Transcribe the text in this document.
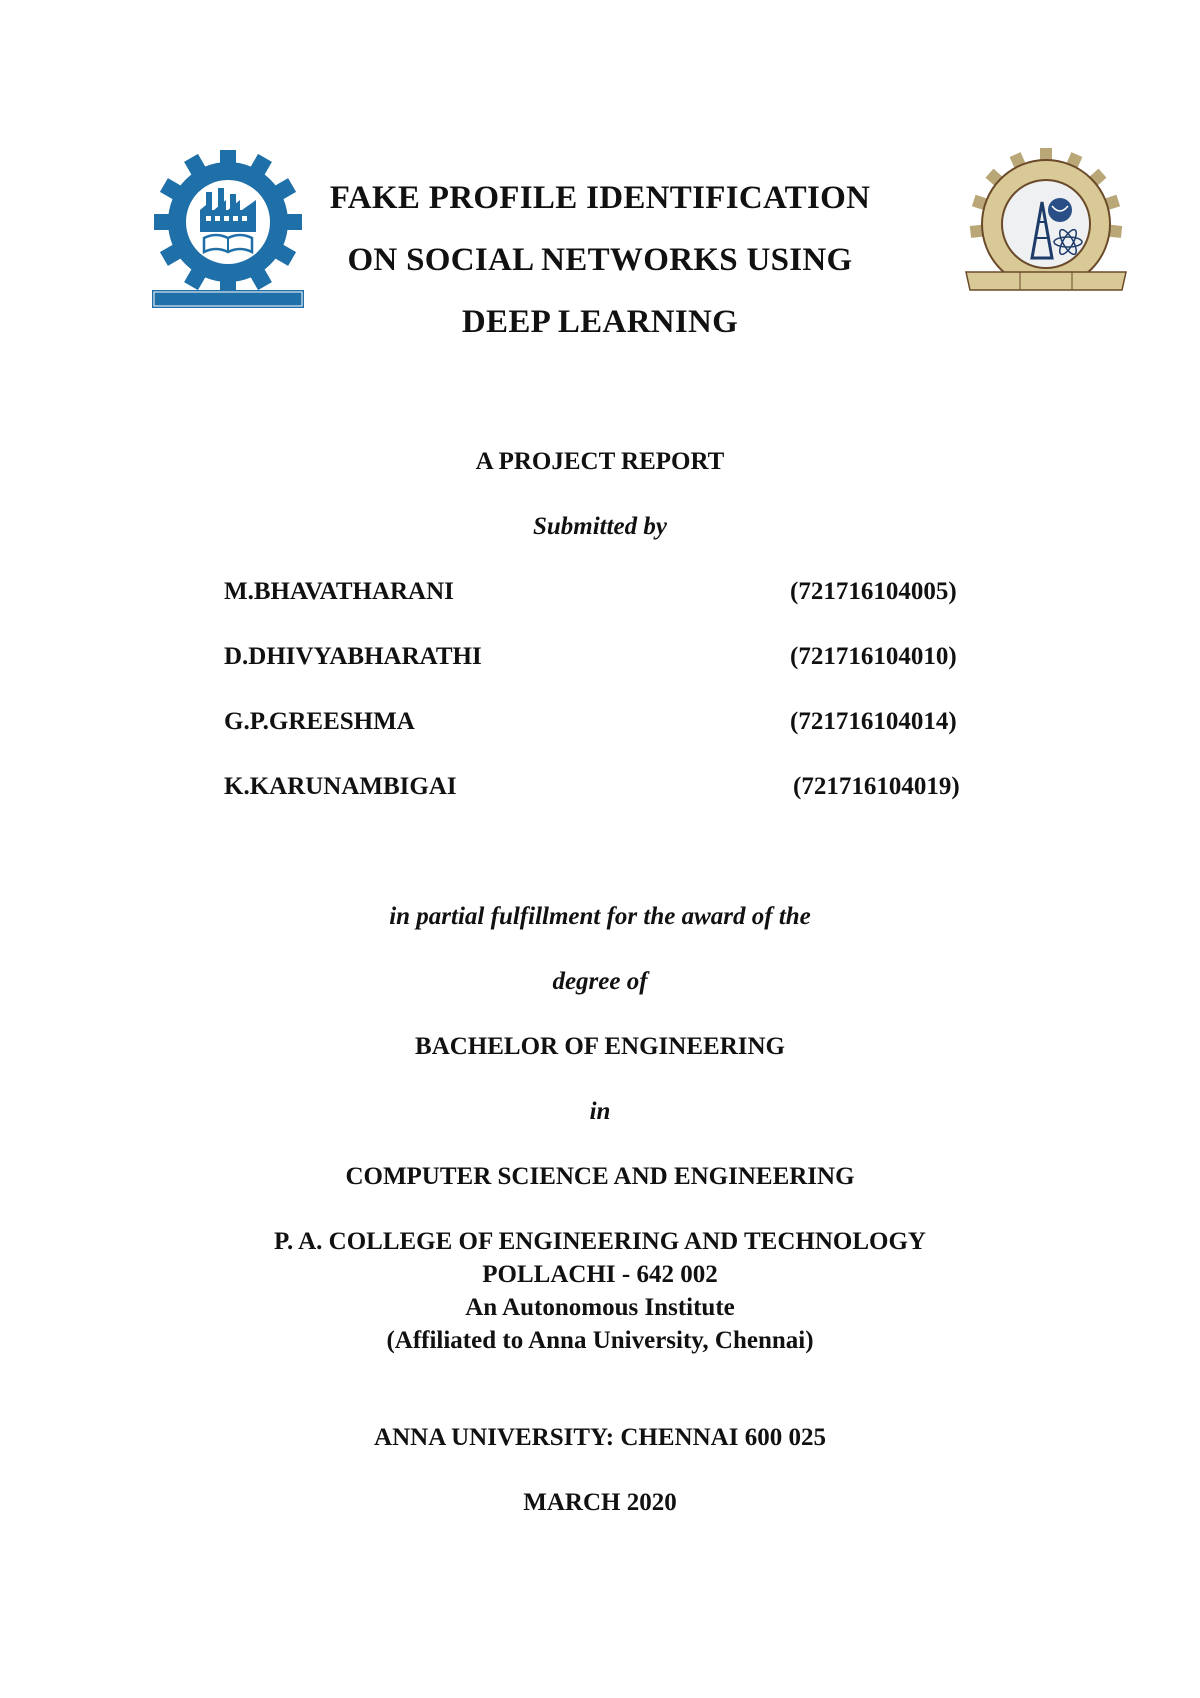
FAKE PROFILE IDENTIFICATION
ON SOCIAL NETWORKS USING
DEEP LEARNING
A PROJECT REPORT
Submitted by
M.BHAVATHARANI	(721716104005)
D.DHIVYABHARATHI	(721716104010)
G.P.GREESHMA	(721716104014)
K.KARUNAMBIGAI	(721716104019)
in partial fulfillment for the award of the
degree of
BACHELOR OF ENGINEERING
in
COMPUTER SCIENCE AND ENGINEERING
P. A. COLLEGE OF ENGINEERING AND TECHNOLOGY
POLLACHI - 642 002
An Autonomous Institute
(Affiliated to Anna University, Chennai)
ANNA UNIVERSITY: CHENNAI 600 025
MARCH 2020
